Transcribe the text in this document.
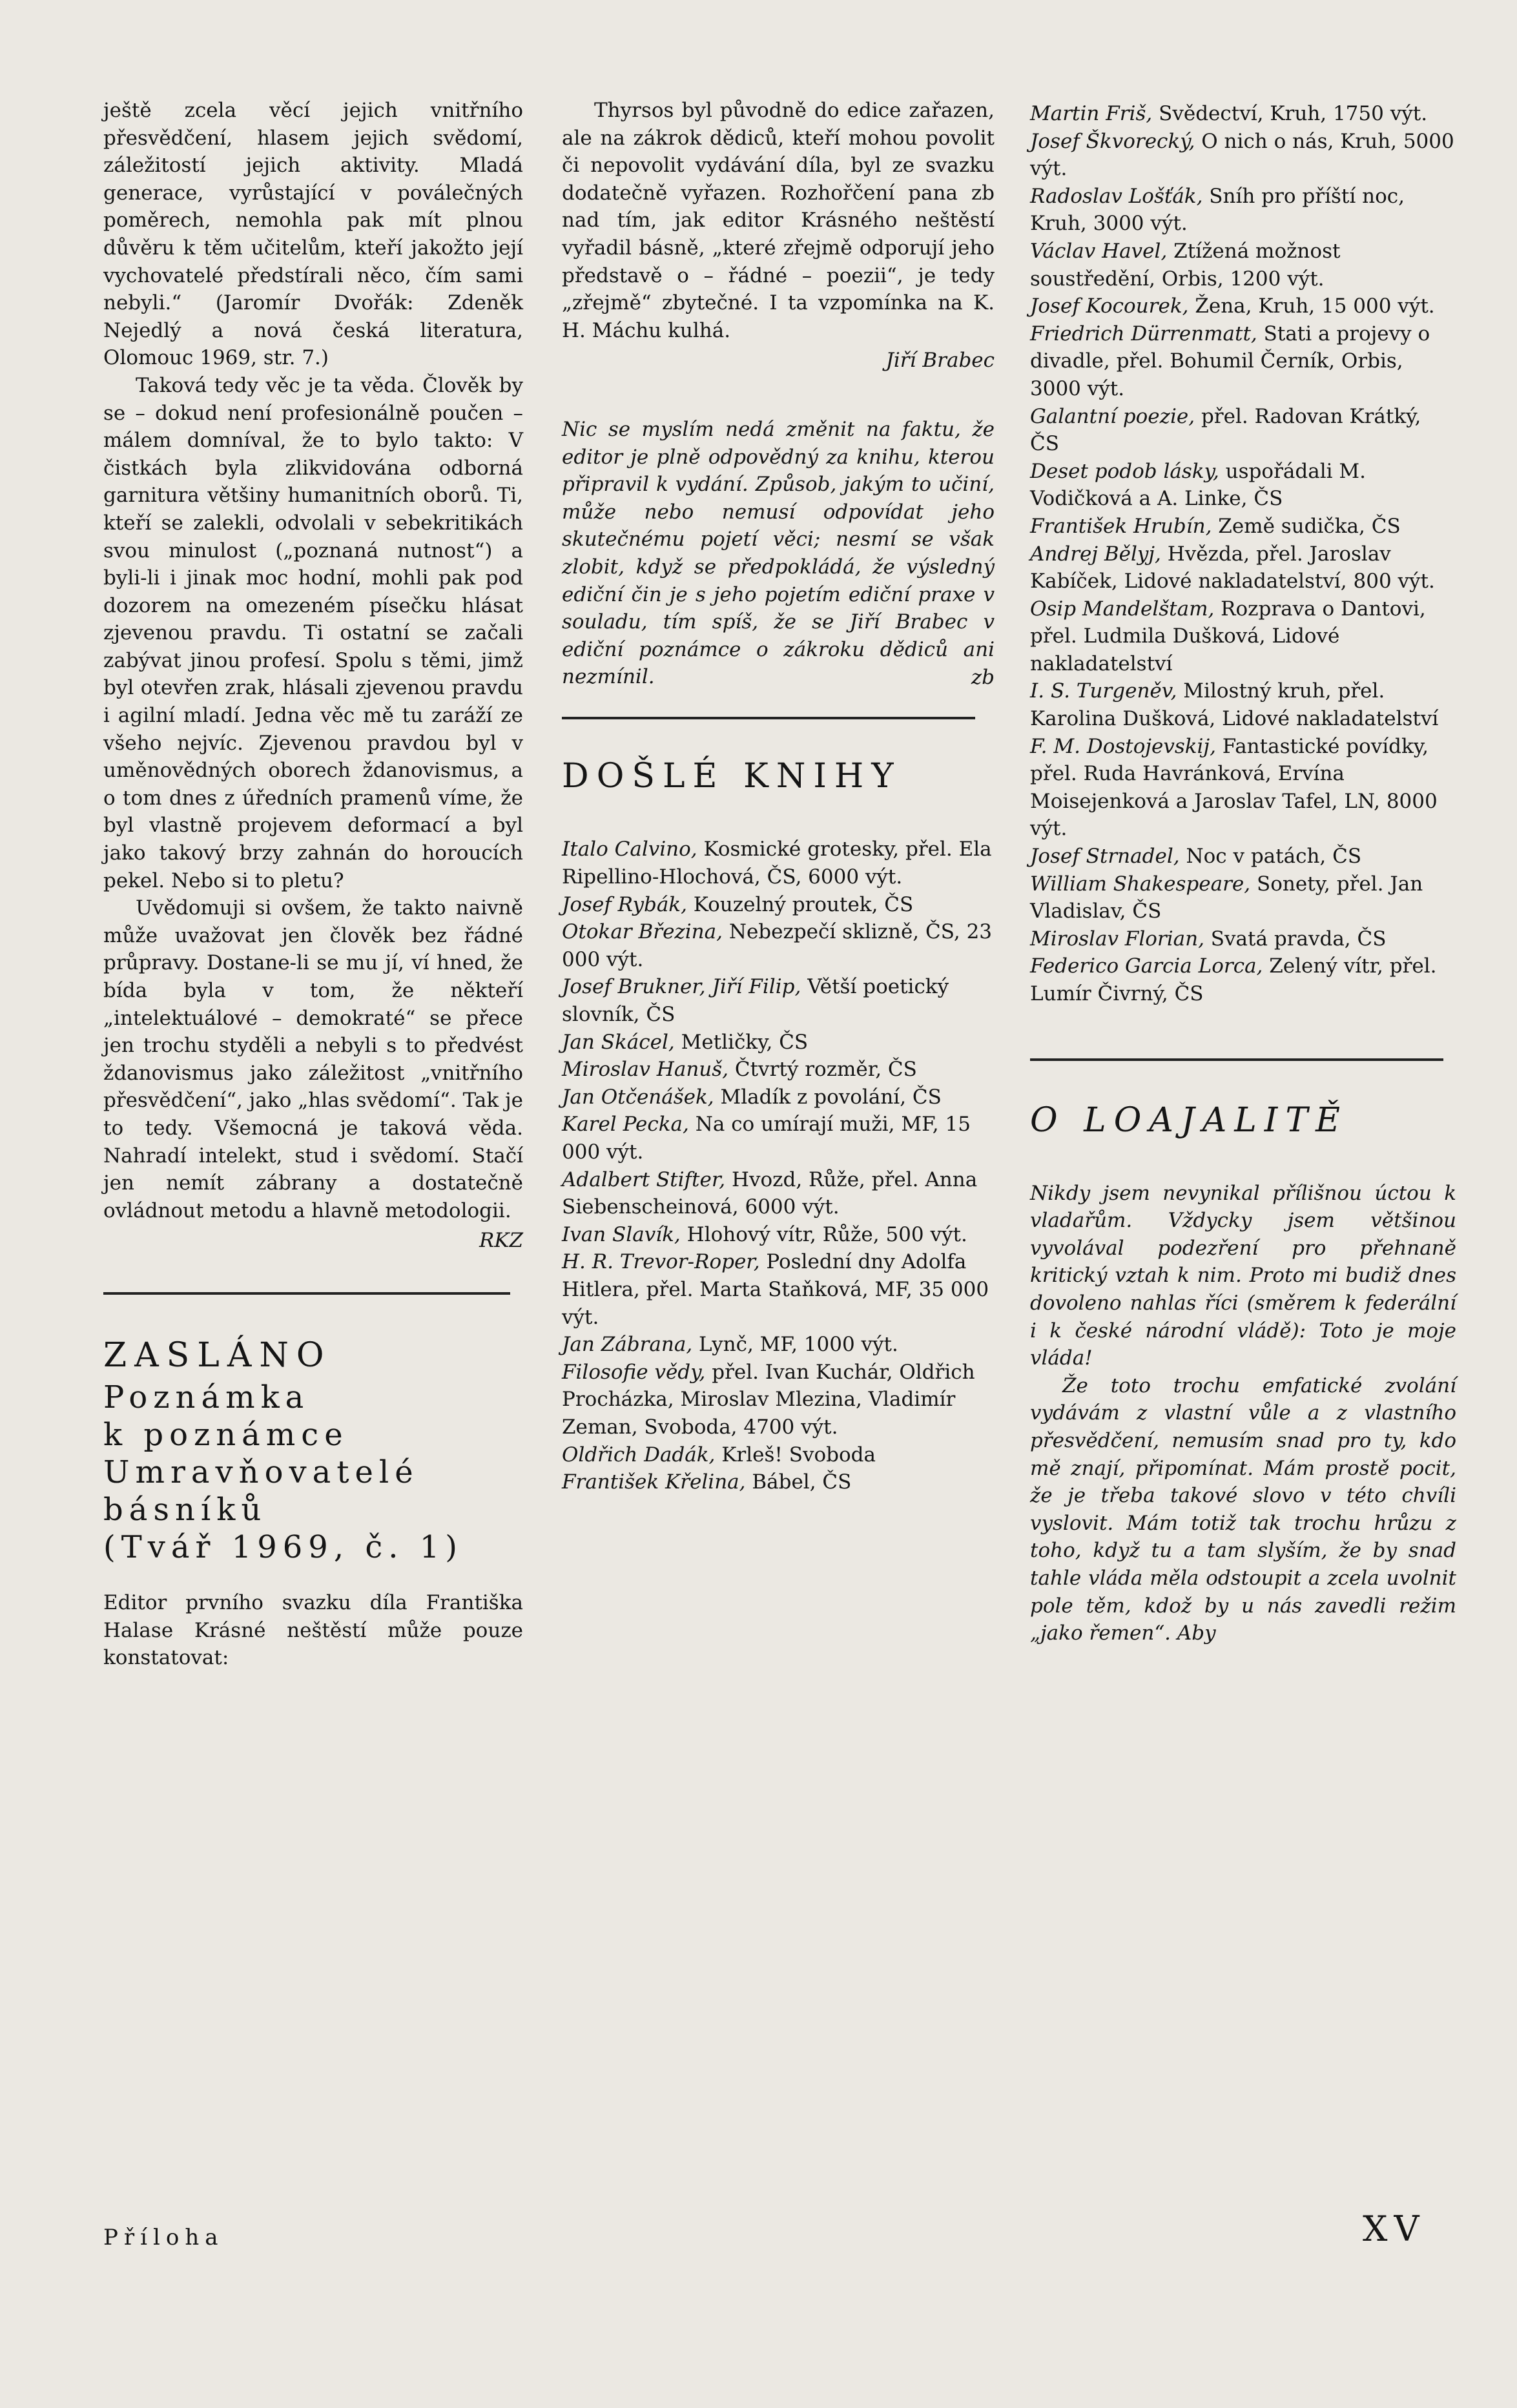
ještě zcela věcí jejich vnitřního přesvědčení, hlasem jejich svědomí, záležitostí jejich aktivity. Mladá generace, vyrůstající v poválečných poměrech, nemohla pak mít plnou důvěru k těm učitelům, kteří jakožto její vychovatelé předstírali něco, čím sami nebyli.“ (Jaromír Dvořák: Zdeněk Nejedlý a nová česká literatura, Olomouc 1969, str. 7.)

Taková tedy věc je ta věda. Člověk by se – dokud není profesionálně poučen – málem domníval, že to bylo takto: V čistkách byla zlikvidována odborná garnitura většiny humanitních oborů. Ti, kteří se zalekli, odvolali v sebekritikách svou minulost („poznaná nutnost“) a byli-li i jinak moc hodní, mohli pak pod dozorem na omezeném písečku hlásat zjevenou pravdu. Ti ostatní se začali zabývat jinou profesí. Spolu s těmi, jimž byl otevřen zrak, hlásali zjevenou pravdu i agilní mladí. Jedna věc mě tu zaráží ze všeho nejvíc. Zjevenou pravdou byl v uměnovědných oborech ždanovismus, a o tom dnes z úředních pramenů víme, že byl vlastně projevem deformací a byl jako takový brzy zahnán do horoucích pekel. Nebo si to pletu?

Uvědomuji si ovšem, že takto naivně může uvažovat jen člověk bez řádné průpravy. Dostane-li se mu jí, ví hned, že bída byla v tom, že někteří „intelektuálové – demokraté“ se přece jen trochu styděli a nebyli s to předvést ždanovismus jako záležitost „vnitřního přesvědčení“, jako „hlas svědomí“. Tak je to tedy. Všemocná je taková věda. Nahradí intelekt, stud i svědomí. Stačí jen nemít zábrany a dostatečně ovládnout metodu a hlavně metodologii.

RKZ

ZASLÁNO

Poznámka

k poznámce

Umravňovatelé

básníků

(Tvář 1969, č. 1)

Editor prvního svazku díla Františka Halase Krásné neštěstí může pouze konstatovat:

Thyrsos byl původně do edice zařazen, ale na zákrok dědiců, kteří mohou povolit či nepovolit vydávání díla, byl ze svazku dodatečně vyřazen. Rozhořčení pana zb nad tím, jak editor Krásného neštěstí vyřadil básně, „které zřejmě odporují jeho představě o – řádné – poezii“, je tedy „zřejmě“ zbytečné. I ta vzpomínka na K. H. Máchu kulhá.

Jiří Brabec

Nic se myslím nedá změnit na faktu, že editor je plně odpovědný za knihu, kterou připravil k vydání. Způsob, jakým to učiní, může nebo nemusí odpovídat jeho skutečnému pojetí věci; nesmí se však zlobit, když se předpokládá, že výsledný ediční čin je s jeho pojetím ediční praxe v souladu, tím spíš, že se Jiří Brabec v ediční poznámce o zákroku dědiců ani nezmínil.	zb

DOŠLÉ KNIHY

Italo Calvino, Kosmické grotesky, přel. Ela Ripellino-Hlochová, ČS, 6000 výt.

Josef Rybák, Kouzelný proutek, ČS

Otokar Březina, Nebezpečí sklizně, ČS, 23 000 výt.

Josef Brukner, Jiří Filip, Větší poetický slovník, ČS

Jan Skácel, Metličky, ČS

Miroslav Hanuš, Čtvrtý rozměr, ČS

Jan Otčenášek, Mladík z povolání, ČS

Karel Pecka, Na co umírají muži, MF, 15 000 výt.

Adalbert Stifter, Hvozd, Růže, přel. Anna Siebenscheinová, 6000 výt.

Ivan Slavík, Hlohový vítr, Růže, 500 výt.

H. R. Trevor-Roper, Poslední dny Adolfa Hitlera, přel. Marta Staňková, MF, 35 000 výt.

Jan Zábrana, Lynč, MF, 1000 výt.

Filosofie vědy, přel. Ivan Kuchár, Oldřich Procházka, Miroslav Mlezina, Vladimír Zeman, Svoboda, 4700 výt.

Oldřich Dadák, Krleš! Svoboda

František Křelina, Bábel, ČS

Martin Friš, Svědectví, Kruh, 1750 výt.

Josef Škvorecký, O nich o nás, Kruh, 5000 výt.

Radoslav Lošťák, Sníh pro příští noc, Kruh, 3000 výt.

Václav Havel, Ztížená možnost soustředění, Orbis, 1200 výt.

Josef Kocourek, Žena, Kruh, 15 000 výt.

Friedrich Dürrenmatt, Stati a projevy o divadle, přel. Bohumil Černík, Orbis, 3000 výt.

Galantní poezie, přel. Radovan Krátký, ČS

Deset podob lásky, uspořádali M. Vodičková a A. Linke, ČS

František Hrubín, Země sudička, ČS

Andrej Bělyj, Hvězda, přel. Jaroslav Kabíček, Lidové nakladatelství, 800 výt.

Osip Mandelštam, Rozprava o Dantovi, přel. Ludmila Dušková, Lidové nakladatelství

I. S. Turgeněv, Milostný kruh, přel. Karolina Dušková, Lidové nakladatelství

F. M. Dostojevskij, Fantastické povídky, přel. Ruda Havránková, Ervína Moisejenková a Jaroslav Tafel, LN, 8000 výt.

Josef Strnadel, Noc v patách, ČS

William Shakespeare, Sonety, přel. Jan Vladislav, ČS

Miroslav Florian, Svatá pravda, ČS

Federico Garcia Lorca, Zelený vítr, přel. Lumír Čivrný, ČS

O LOAJALITĚ

Nikdy jsem nevynikal přílišnou úctou k vladařům. Vždycky jsem většinou vyvolával podezření pro přehnaně kritický vztah k nim. Proto mi budiž dnes dovoleno nahlas říci (směrem k federální i k české národní vládě): Toto je moje vláda!

Že toto trochu emfatické zvolání vydávám z vlastní vůle a z vlastního přesvědčení, nemusím snad pro ty, kdo mě znají, připomínat. Mám prostě pocit, že je třeba takové slovo v této chvíli vyslovit. Mám totiž tak trochu hrůzu z toho, když tu a tam slyším, že by snad tahle vláda měla odstoupit a zcela uvolnit pole těm, kdož by u nás zavedli režim „jako řemen“. Aby

Příloha	XV
